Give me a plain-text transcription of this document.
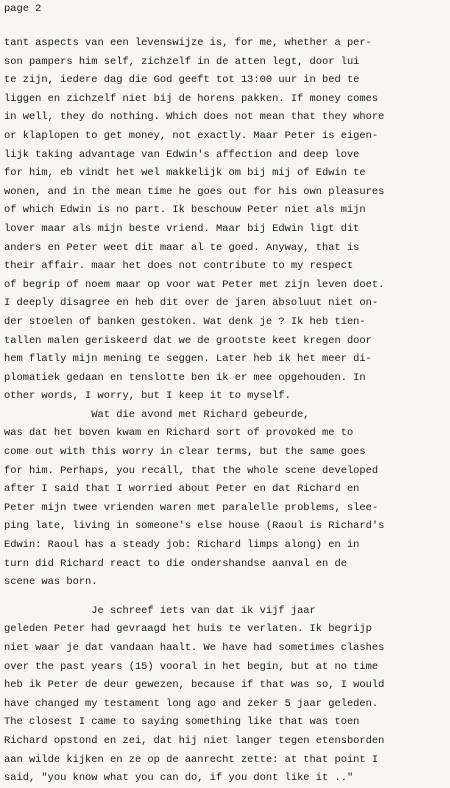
page 2
tant aspects van een levenswijze is, for me, whether a per-
son pampers him self, zichzelf in de atten legt, door lui
te zijn, iedere dag die God geeft tot 13:00 uur in bed te
liggen en zichzelf niet bij de horens pakken. If money comes
in well, they do nothing. Which does not mean that they whore
or klaplopen to get money, not exactly. Maar Peter is eigen-
lijk taking advantage van Edwin's affection and deep love
for him, eb vindt het wel makkelijk om bij mij of Edwin te
wonen, and in the mean time he goes out for his own pleasures
of which Edwin is no part. Ik beschouw Peter niet als mijn
lover maar als mijn beste vriend. Maar bij Edwin ligt dit
anders en Peter weet dit maar al te goed. Anyway, that is
their affair. maar het does not contribute to my respect
of begrip of noem maar op voor wat Peter met zijn leven doet.
I deeply disagree en heb dit over de jaren absoluut niet on-
der stoelen of banken gestoken. Wat denk je ? Ik heb tien-
tallen malen geriskeerd dat we de grootste keet kregen door
hem flatly mijn mening te seggen. Later heb ik het meer di-
plomatiek gedaan en tenslotte ben ik er mee opgehouden. In
other words, I worry, but I keep it to myself.
Wat die avond met Richard gebeurde,
was dat het boven kwam en Richard sort of provoked me to
come out with this worry in clear terms, but the same goes
for him. Perhaps, you recall, that the whole scene developed
after I said that I worried about Peter en dat Richard en
Peter mijn twee vrienden waren met paralelle problems, slee-
ping late, living in someone's else house (Raoul is Richard's
Edwin: Raoul has a steady job: Richard limps along) en in
turn did Richard react to die ondershandse aanval en de
scene was born.
Je schreef iets van dat ik vijf jaar
geleden Peter had gevraagd het huis te verlaten. Ik begrijp
niet waar je dat vandaan haalt. We have had sometimes clashes
over the past years (15) vooral in het begin, but at no time
heb ik Peter de deur gewezen, because if that was so, I would
have changed my testament long ago and zeker 5 jaar geleden.
The closest I came to saying something like that was toen
Richard opstond en zei, dat hij niet langer tegen etensborden
aan wilde kijken en ze op de aanrecht zette: at that point I
said, "you know what you can do, if you dont like it .."
